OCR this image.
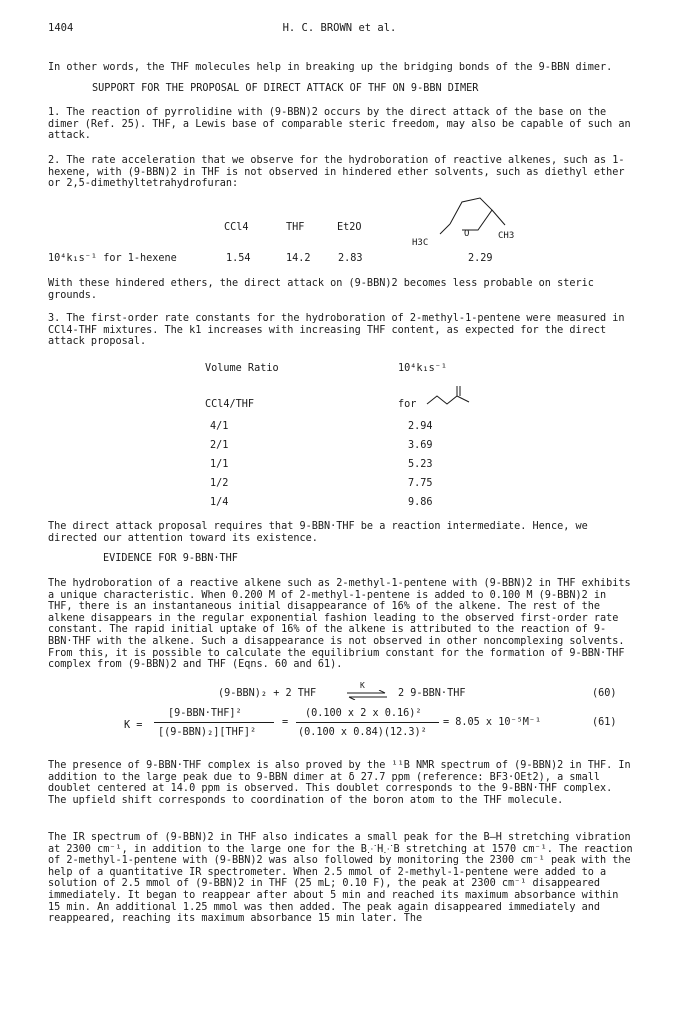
1404	H. C. BROWN et al.

In other words, the THF molecules help in breaking up the bridging bonds of the 9-BBN dimer.

SUPPORT FOR THE PROPOSAL OF DIRECT ATTACK OF THF ON 9-BBN DIMER

1. The reaction of pyrrolidine with (9-BBN)2 occurs by the direct attack of the base on the dimer (Ref. 25). THF, a Lewis base of comparable steric freedom, may also be capable of such an attack.

2. The rate acceleration that we observe for the hydroboration of reactive alkenes, such as 1-hexene, with (9-BBN)2 in THF is not observed in hindered ether solvents, such as diethyl ether or 2,5-dimethyltetrahydrofuran:

CCl4	THF	Et2O
10⁴k₁s⁻¹ for 1-hexene	1.54	14.2	2.83	2.29
O
H3C
CH3

With these hindered ethers, the direct attack on (9-BBN)2 becomes less probable on steric grounds.

3. The first-order rate constants for the hydroboration of 2-methyl-1-pentene were measured in CCl4-THF mixtures. The k1 increases with increasing THF content, as expected for the direct attack proposal.

Volume Ratio	10⁴k₁s⁻¹
CCl4/THF	for
4/1	2.94
2/1	3.69
1/1	5.23
1/2	7.75
1/4	9.86

The direct attack proposal requires that 9-BBN·THF be a reaction intermediate. Hence, we directed our attention toward its existence.

EVIDENCE FOR 9-BBN·THF

The hydroboration of a reactive alkene such as 2-methyl-1-pentene with (9-BBN)2 in THF exhibits a unique characteristic. When 0.200 M of 2-methyl-1-pentene is added to 0.100 M (9-BBN)2 in THF, there is an instantaneous initial disappearance of 16% of the alkene. The rest of the alkene disappears in the regular exponential fashion leading to the observed first-order rate constant. The rapid initial uptake of 16% of the alkene is attributed to the reaction of 9-BBN·THF with the alkene. Such a disappearance is not observed in other noncomplexing solvents. From this, it is possible to calculate the equilibrium constant for the formation of 9-BBN·THF complex from (9-BBN)2 and THF (Eqns. 60 and 61).

(9-BBN)₂ + 2 THF
K
⇌ 2 9-BBN·THF	(60)
K =
[9-BBN·THF]²
[(9-BBN)₂][THF]²
=
(0.100 x 2 x 0.16)²
(0.100 x 0.84)(12.3)²
= 8.05 x 10⁻⁵M⁻¹	(61)

The presence of 9-BBN·THF complex is also proved by the ¹¹B NMR spectrum of (9-BBN)2 in THF. In addition to the large peak due to 9-BBN dimer at δ 27.7 ppm (reference: BF3·OEt2), a small doublet centered at 14.0 ppm is observed. This doublet corresponds to the 9-BBN·THF complex. The upfield shift corresponds to coordination of the boron atom to the THF molecule.

The IR spectrum of (9-BBN)2 in THF also indicates a small peak for the B–H stretching vibration at 2300 cm⁻¹, in addition to the large one for the B⋰H⋰B stretching at 1570 cm⁻¹. The reaction of 2-methyl-1-pentene with (9-BBN)2 was also followed by monitoring the 2300 cm⁻¹ peak with the help of a quantitative IR spectrometer. When 2.5 mmol of 2-methyl-1-pentene were added to a solution of 2.5 mmol of (9-BBN)2 in THF (25 mL; 0.10 F), the peak at 2300 cm⁻¹ disappeared immediately. It began to reappear after about 5 min and reached its maximum absorbance within 15 min. An additional 1.25 mmol was then added. The peak again disappeared immediately and reappeared, reaching its maximum absorbance 15 min later. The
